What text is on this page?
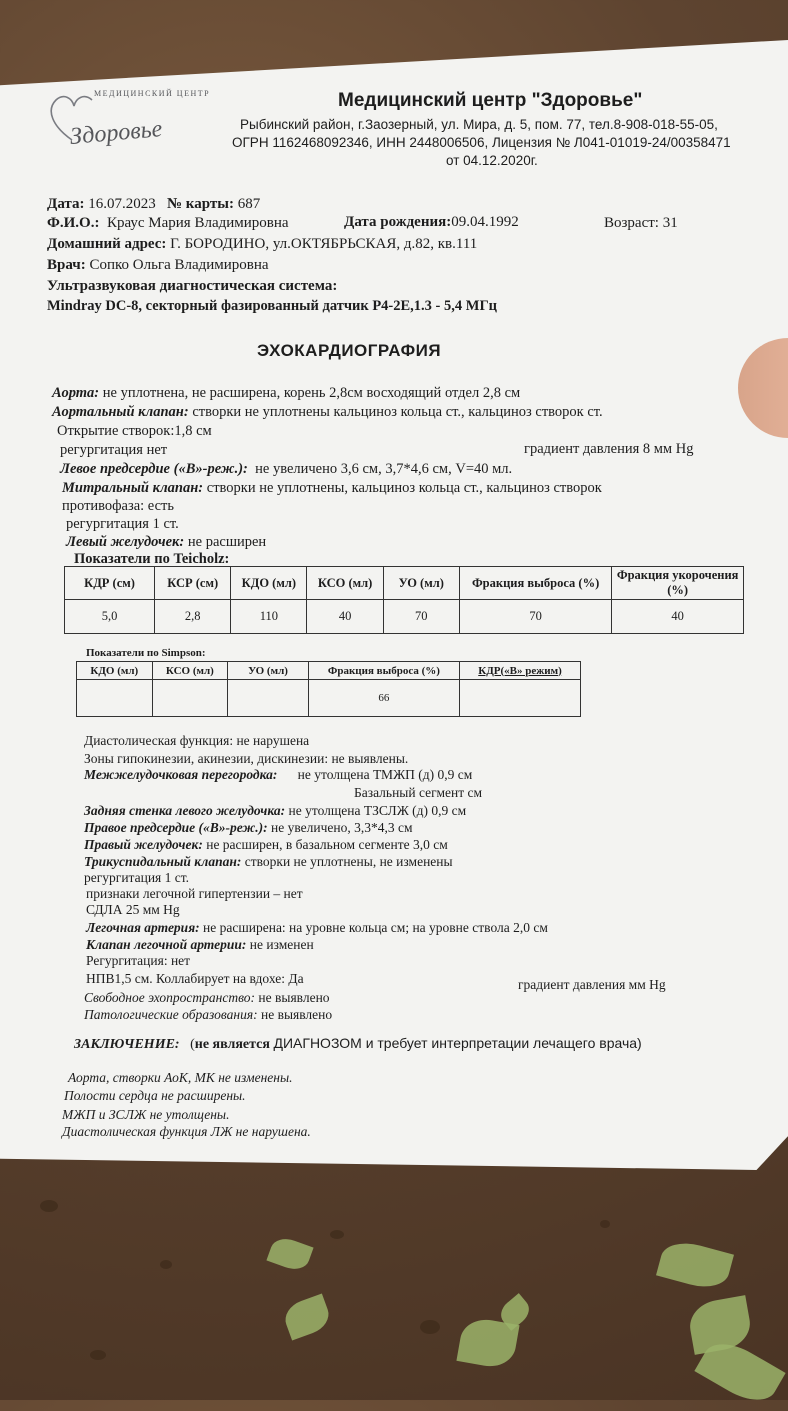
МЕДИЦИНСКИЙ ЦЕНТР
Здоровье
Медицинский центр "Здоровье"
Рыбинский район, г.Заозерный, ул. Мира, д. 5, пом. 77, тел.8-908-018-55-05,
ОГРН 1162468092346, ИНН 2448006506, Лицензия № Л041-01019-24/00358471
от 04.12.2020г.
Дата: 16.07.2023 № карты: 687
Ф.И.О.: Краус Мария Владимировна	Дата рождения:09.04.1992	Возраст: 31
Домашний адрес: Г. БОРОДИНО, ул.ОКТЯБРЬСКАЯ, д.82, кв.111
Врач: Сопко Ольга Владимировна
Ультразвуковая диагностическая система:
Mindray DC-8, секторный фазированный датчик P4-2E,1.3 - 5,4 МГц
ЭХОКАРДИОГРАФИЯ
Аорта: не уплотнена, не расширена, корень 2,8см восходящий отдел 2,8 см
Аортальный клапан: створки не уплотнены кальциноз кольца ст., кальциноз створок ст.
Открытие створок:1,8 см
регургитация нет	градиент давления 8 мм Hg
Левое предсердие («В»-реж.): не увеличено 3,6 см, 3,7*4,6 см, V=40 мл.
Митральный клапан: створки не уплотнены, кальциноз кольца ст., кальциноз створок
противофаза: есть
регургитация 1 ст.
Левый желудочек: не расширен
Показатели по Teicholz:
КДР (см)	КСР (см)	КДО (мл)	КСО (мл)	УО (мл)	Фракция выброса (%)	Фракция укорочения (%)
5,0	2,8	110	40	70	70	40
Показатели по Simpson:
КДО (мл)	КСО (мл)	УО (мл)	Фракция выброса (%)	КДР(«В» режим)
			66	
Диастолическая функция: не нарушена
Зоны гипокинезии, акинезии, дискинезии: не выявлены.
Межжелудочковая перегородка: не утолщена ТМЖП (д) 0,9 см
Базальный сегмент см
Задняя стенка левого желудочка: не утолщена ТЗСЛЖ (д) 0,9 см
Правое предсердие («В»-реж.): не увеличено, 3,3*4,3 см
Правый желудочек: не расширен, в базальном сегменте 3,0 см
Трикуспидальный клапан: створки не уплотнены, не изменены
регургитация 1 ст.
признаки легочной гипертензии – нет
СДЛА 25 мм Hg
Легочная артерия: не расширена: на уровне кольца см; на уровне ствола 2,0 см
Клапан легочной артерии: не изменен
Регургитация: нет
НПВ1,5 см. Коллабирует на вдохе: Да	градиент давления мм Hg
Свободное эхопространство: не выявлено
Патологические образования: не выявлено
ЗАКЛЮЧЕНИЕ: (не является ДИАГНОЗОМ и требует интерпретации лечащего врача)
Аорта, створки АоК, МК не изменены.
Полости сердца не расширены.
МЖП и ЗСЛЖ не утолщены.
Диастолическая функция ЛЖ не нарушена.
